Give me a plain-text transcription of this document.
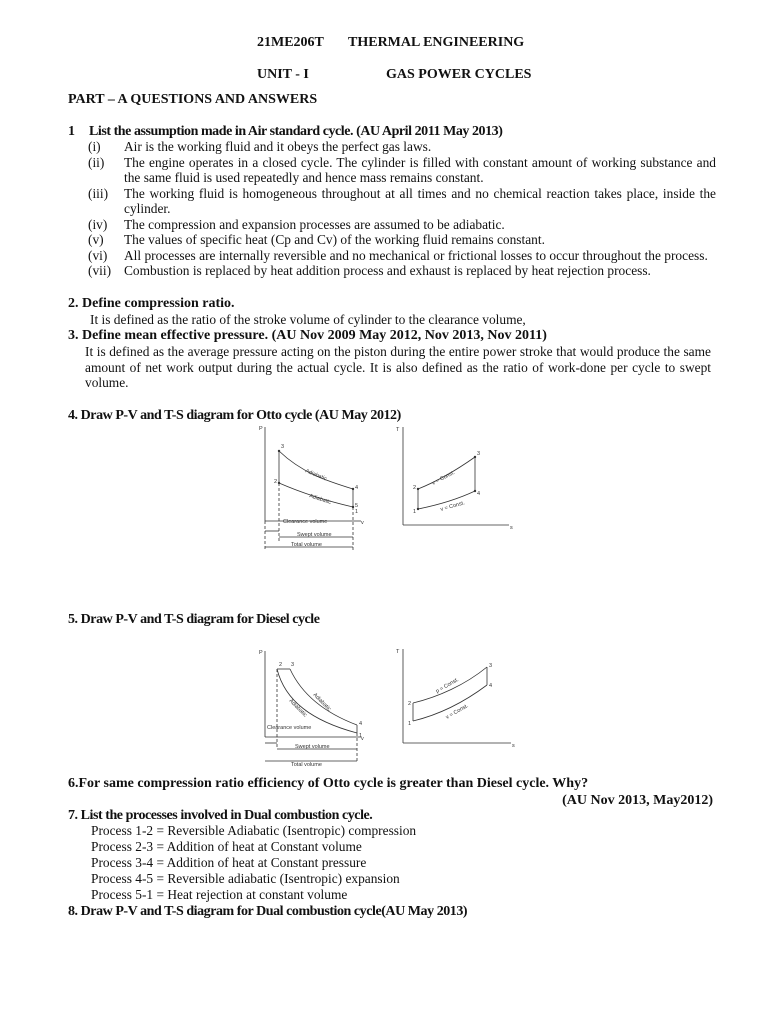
21ME206T THERMAL ENGINEERING
UNIT - I	GAS POWER CYCLES
PART – A QUESTIONS AND ANSWERS
1 List the assumption made in Air standard cycle. (AU April 2011 May 2013)
(i)	Air is the working fluid and it obeys the perfect gas laws.
(ii)	The engine operates in a closed cycle. The cylinder is filled with constant amount of working substance and the same fluid is used repeatedly and hence mass remains constant.
(iii)	The working fluid is homogeneous throughout at all times and no chemical reaction takes place, inside the cylinder.
(iv)	The compression and expansion processes are assumed to be adiabatic.
(v)	The values of specific heat (Cp and Cv) of the working fluid remains constant.
(vi)	All processes are internally reversible and no mechanical or frictional losses to occur throughout the process.
(vii) Combustion is replaced by heat addition process and exhaust is replaced by heat rejection process.
2. Define compression ratio.
It is defined as the ratio of the stroke volume of cylinder to the clearance volume,
3. Define mean effective pressure. (AU Nov 2009 May 2012, Nov 2013, Nov 2011)
It is defined as the average pressure acting on the piston during the entire power stroke that would produce the same amount of net work output during the actual cycle. It is also defined as the ratio of work-done per cycle to swept volume.
4. Draw P-V and T-S diagram for Otto cycle (AU May 2012)
P
v
3
2
4
5
1
Adiabatic
Adiabatic
Clearance volume
Swept volume
Total volume
T
s
1
2
3
4
v = Const.
v = Const.
5. Draw P-V and T-S diagram for Diesel cycle
P
v
2 3
4
1
Adiabatic
Adiabatic
Clearance volume
Swept volume
Total volume
T
s
1
2
3
4
p = Const.
v = Const.
6.For same compression ratio efficiency of Otto cycle is greater than Diesel cycle. Why?
(AU Nov 2013, May2012)
7. List the processes involved in Dual combustion cycle.
Process 1-2 = Reversible Adiabatic (Isentropic) compression
Process 2-3 = Addition of heat at Constant volume
Process 3-4 = Addition of heat at Constant pressure
Process 4-5 = Reversible adiabatic (Isentropic) expansion
Process 5-1 = Heat rejection at constant volume
8. Draw P-V and T-S diagram for Dual combustion cycle(AU May 2013)
